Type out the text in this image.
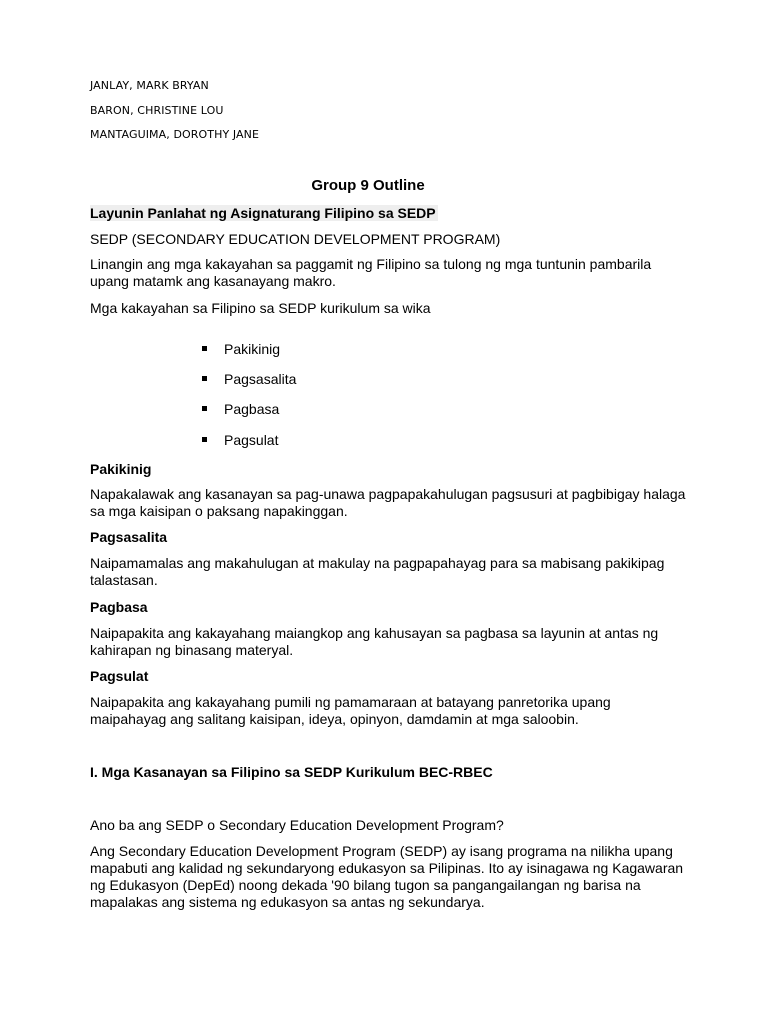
JANLAY, MARK BRYAN
BARON, CHRISTINE LOU
MANTAGUIMA, DOROTHY JANE
Group 9 Outline
Layunin Panlahat ng Asignaturang Filipino sa SEDP
SEDP (SECONDARY EDUCATION DEVELOPMENT PROGRAM)
Linangin ang mga kakayahan sa paggamit ng Filipino sa tulong ng mga tuntunin pambarila upang matamk ang kasanayang makro.
Mga kakayahan sa Filipino sa SEDP kurikulum sa wika
Pakikinig
Pagsasalita
Pagbasa
Pagsulat
Pakikinig
Napakalawak ang kasanayan sa pag-unawa pagpapakahulugan pagsusuri at pagbibigay halaga sa mga kaisipan o paksang napakinggan.
Pagsasalita
Naipamamalas ang makahulugan at makulay na pagpapahayag para sa mabisang pakikipag talastasan.
Pagbasa
Naipapakita ang kakayahang maiangkop ang kahusayan sa pagbasa sa layunin at antas ng kahirapan ng binasang materyal.
Pagsulat
Naipapakita ang kakayahang pumili ng pamamaraan at batayang panretorika upang maipahayag ang salitang kaisipan, ideya, opinyon, damdamin at mga saloobin.
I. Mga Kasanayan sa Filipino sa SEDP Kurikulum BEC-RBEC
Ano ba ang SEDP o Secondary Education Development Program?
Ang Secondary Education Development Program (SEDP) ay isang programa na nilikha upang mapabuti ang kalidad ng sekundaryong edukasyon sa Pilipinas. Ito ay isinagawa ng Kagawaran ng Edukasyon (DepEd) noong dekada '90 bilang tugon sa pangangailangan ng barisa na mapalakas ang sistema ng edukasyon sa antas ng sekundarya.
